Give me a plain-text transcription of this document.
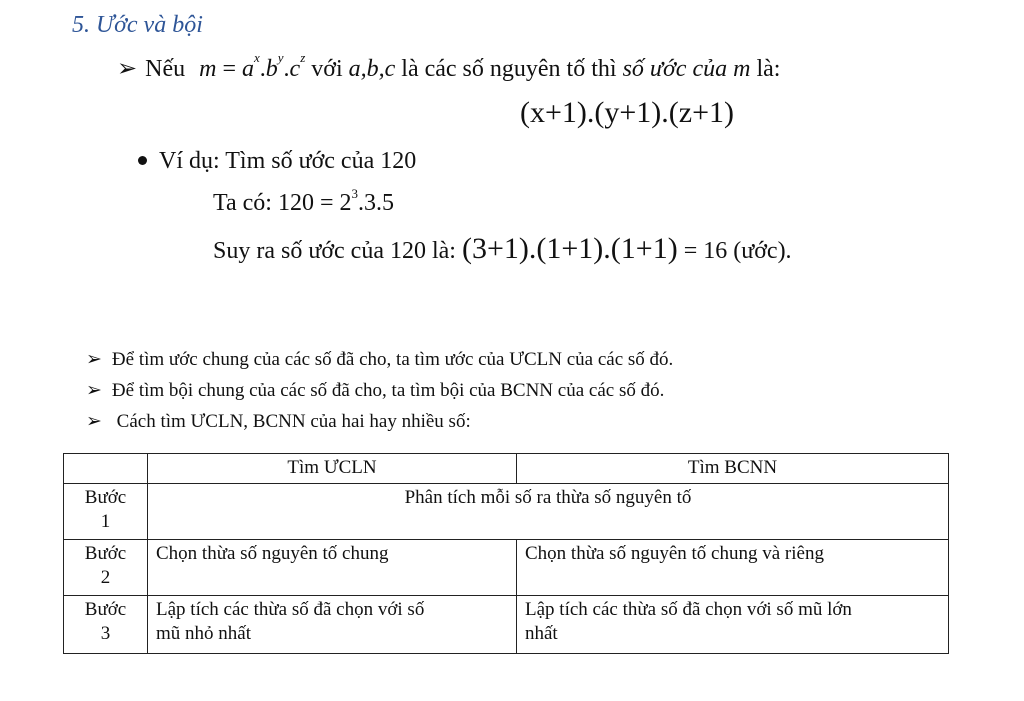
5. Ước và bội
➢ Nếu $m = a^x.b^y.c^z$ với a,b,c là các số nguyên tố thì số ước của m là:
(x+1).(y+1).(z+1)
Ví dụ: Tìm số ước của 120
Ta có: $120 = 2^3.3.5$
Suy ra số ước của 120 là: (3+1).(1+1).(1+1) = 16 (ước).
➢ Để tìm ước chung của các số đã cho, ta tìm ước của ƯCLN của các số đó.
➢ Để tìm bội chung của các số đã cho, ta tìm bội của BCNN của các số đó.
➢ Cách tìm ƯCLN, BCNN của hai hay nhiều số:
	Tìm ƯCLN	Tìm BCNN
Bước
1	Phân tích mỗi số ra thừa số nguyên tố	
Bước
2	Chọn thừa số nguyên tố chung	Chọn thừa số nguyên tố chung và riêng
Bước
3	Lập tích các thừa số đã chọn với số
mũ nhỏ nhất	Lập tích các thừa số đã chọn với số mũ lớn
nhất
